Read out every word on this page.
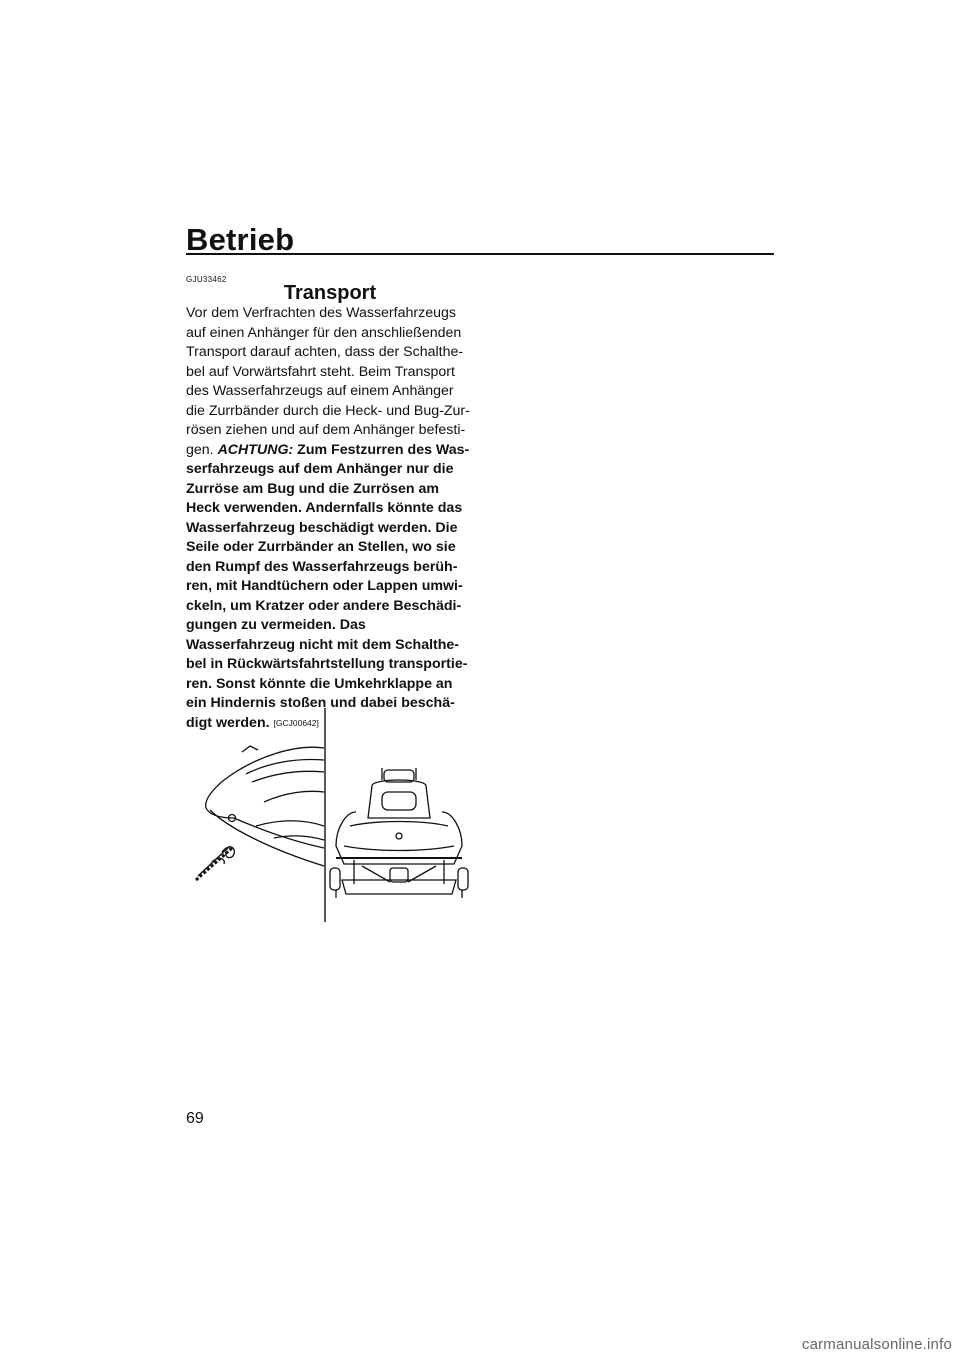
Betrieb
GJU33462
Transport
Vor dem Verfrachten des Wasserfahrzeugs
auf einen Anhänger für den anschließenden
Transport darauf achten, dass der Schalthe-
bel auf Vorwärtsfahrt steht. Beim Transport
des Wasserfahrzeugs auf einem Anhänger
die Zurrbänder durch die Heck- und Bug-Zur-
rösen ziehen und auf dem Anhänger befesti-
gen. ACHTUNG: Zum Festzurren des Was-
serfahrzeugs auf dem Anhänger nur die
Zurröse am Bug und die Zurrösen am
Heck verwenden. Andernfalls könnte das
Wasserfahrzeug beschädigt werden. Die
Seile oder Zurrbänder an Stellen, wo sie
den Rumpf des Wasserfahrzeugs berüh-
ren, mit Handtüchern oder Lappen umwi-
ckeln, um Kratzer oder andere Beschädi-
gungen zu vermeiden. Das
Wasserfahrzeug nicht mit dem Schalthe-
bel in Rückwärtsfahrtstellung transportie-
ren. Sonst könnte die Umkehrklappe an
ein Hindernis stoßen und dabei beschä-
digt werden. [GCJ00642]
69
carmanualsonline.info
